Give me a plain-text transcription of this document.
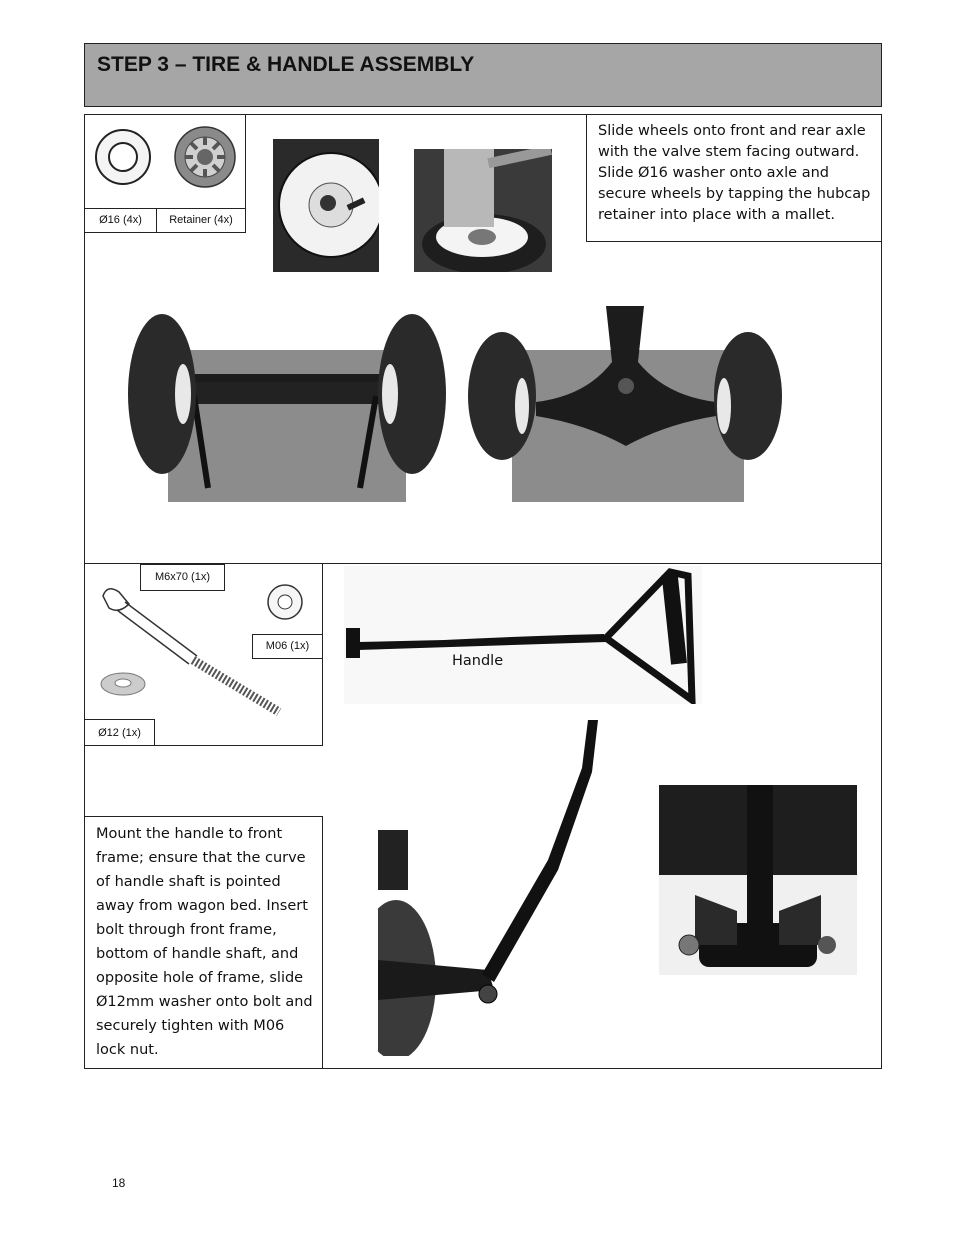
STEP 3 – TIRE & HANDLE ASSEMBLY
Ø16 (4x)	Retainer (4x)
Slide wheels onto front and rear axle with the valve stem facing outward. Slide Ø16 washer onto axle and secure wheels by tapping the hubcap retainer into place with a mallet.
M6x70 (1x)
M06 (1x)
Ø12 (1x)
Handle
Mount the handle to front frame; ensure that the curve of handle shaft is pointed away from wagon bed. Insert bolt through front frame, bottom of handle shaft, and opposite hole of frame, slide Ø12mm washer onto bolt and securely tighten with M06 lock nut.
18
